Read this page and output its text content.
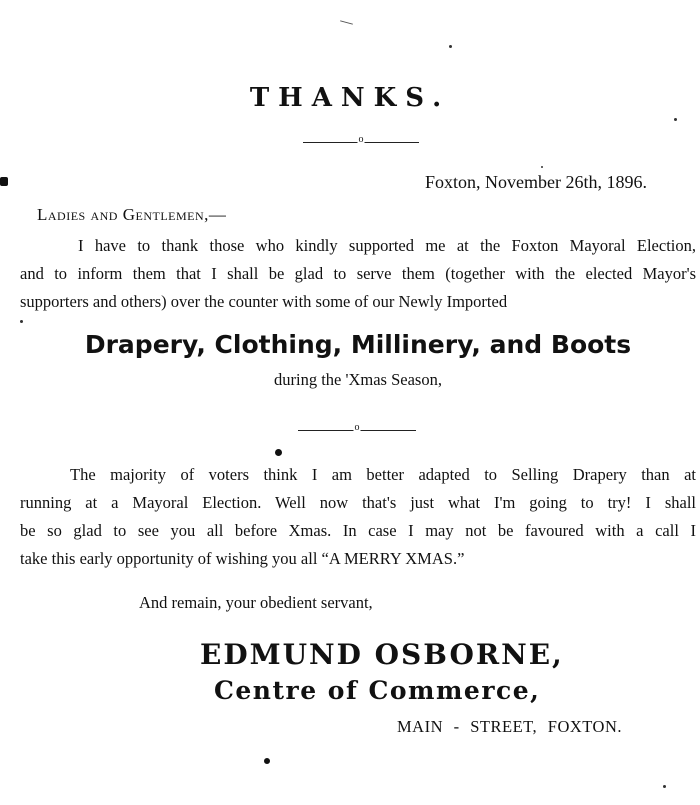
THANKS.
o
Foxton, November 26th, 1896.
Ladies and Gentlemen,—
I have to thank those who kindly supported me at the Foxton Mayoral Election,
and to inform them that I shall be glad to serve them (together with the elected Mayor's
supporters and others) over the counter with some of our Newly Imported
Drapery, Clothing, Millinery, and Boots
during the 'Xmas Season,
o
The majority of voters think I am better adapted to Selling Drapery than at
running at a Mayoral Election. Well now that's just what I'm going to try! I shall
be so glad to see you all before Xmas. In case I may not be favoured with a call I
take this early opportunity of wishing you all “A MERRY XMAS.”
And remain, your obedient servant,
EDMUND OSBORNE,
Centre of Commerce,
MAIN - STREET, FOXTON.
